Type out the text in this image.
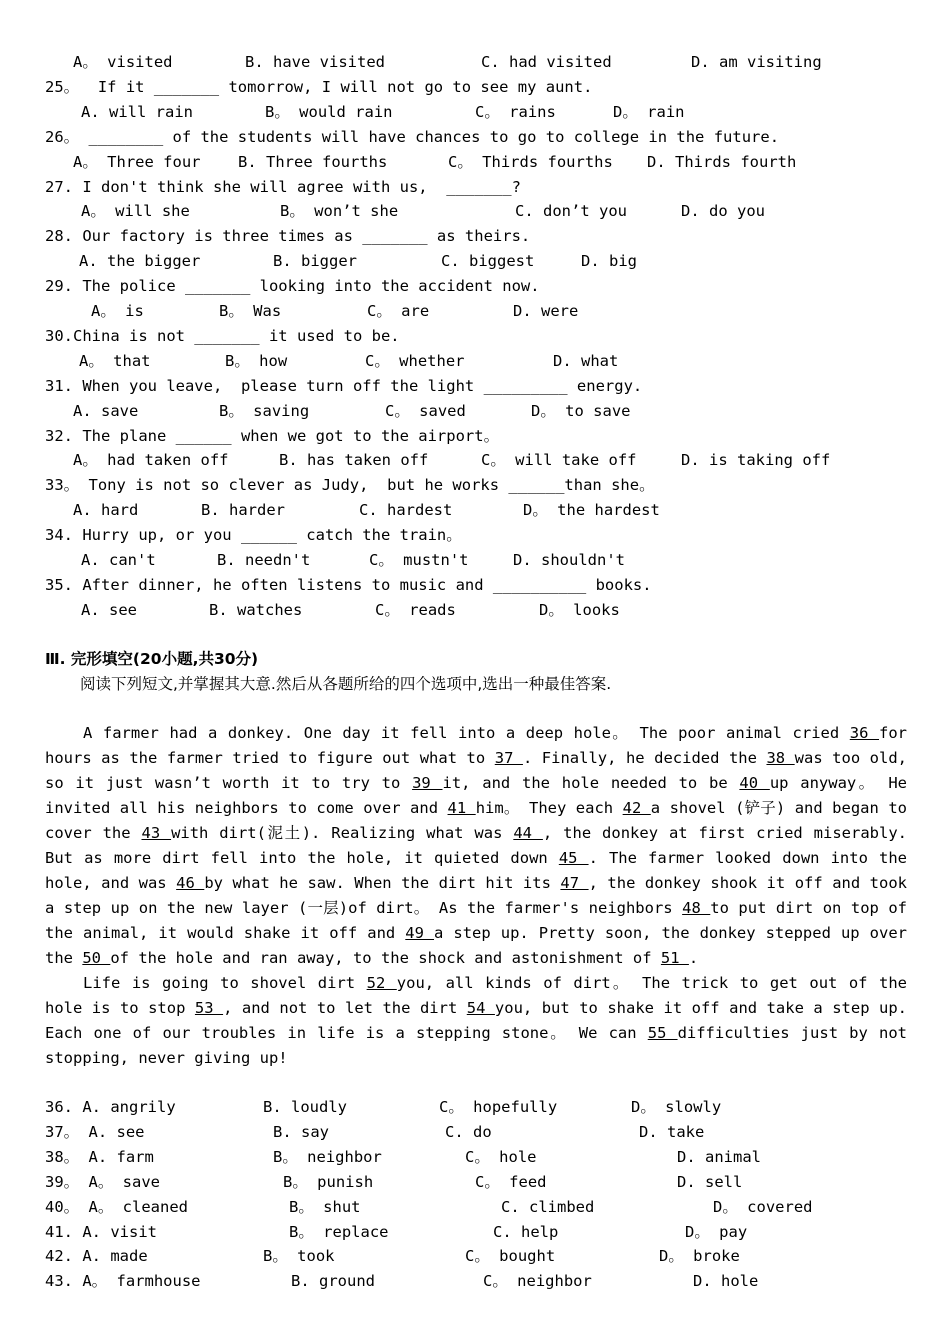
A。 visited	B. have visited	C. had visited	D. am visiting
25。  If it _______ tomorrow, I will not go to see my aunt.
A. will rain	B。 would rain	C。 rains	D。 rain
26。 ________ of the students will have chances to go to college in the future.
A。 Three four B. Three fourths	C。 Thirds fourths D. Thirds fourth
27. I don't think she will agree with us,  _______?
A。 will she	B。 won’t she	C. don’t you	D. do you
28. Our factory is three times as _______ as theirs.
A. the bigger	B. bigger	C. biggest	D. big
29. The police _______ looking into the accident now.
A。 is	B。 Was	C。 are	D. were
30.China is not _______ it used to be.
A。 that	B。 how	C。 whether	D. what
31. When you leave,  please turn off the light _________ energy.
A. save	B。 saving	C。 saved	D。 to save
32. The plane ______ when we got to the airport。
A。 had taken off	B. has taken off	C。 will take off	D. is taking off
33。 Tony is not so clever as Judy,  but he works ______than she。
A. hard	B. harder	C. hardest	D。 the hardest
34. Hurry up, or you ______ catch the train。
A. can't	B. needn't	C。 mustn't	D. shouldn't
35. After dinner, he often listens to music and __________ books.
A. see	B. watches	C。 reads	D。 looks
Ⅲ. 完形填空(20小题,共30分)
阅读下列短文,并掌握其大意.然后从各题所给的四个选项中,选出一种最佳答案.

A farmer had a donkey. One day it fell into a deep hole。 The poor animal cried 36 for hours as the farmer tried to figure out what to 37 . Finally, he decided the 38 was too old, so it just wasn’t worth it to try to 39 it, and the hole needed to be 40 up anyway。 He invited all his neighbors to come over and 41 him。 They each 42 a shovel (铲子) and began to cover the 43 with dirt(泥土). Realizing what was 44 , the donkey at first cried miserably. But as more dirt fell into the hole, it quieted down 45 . The farmer looked down into the hole, and was 46 by what he saw. When the dirt hit its 47 , the donkey shook it off and took a step up on the new layer (一层)of dirt。 As the farmer's neighbors 48 to put dirt on top of the animal, it would shake it off and 49 a step up. Pretty soon, the donkey stepped up over the 50 of the hole and ran away, to the shock and astonishment of 51 .

Life is going to shovel dirt 52 you, all kinds of dirt。 The trick to get out of the hole is to stop 53 , and not to let the dirt 54 you, but to shake it off and take a step up. Each one of our troubles in life is a stepping stone。 We can 55 difficulties just by not stopping, never giving up!

36. A. angrily	B. loudly	C。 hopefully	D。 slowly
37。 A. see	B. say	C. do	D. take
38。 A. farm	B。 neighbor	C。 hole	D. animal
39。 A。 save	B。 punish	C。 feed	D. sell
40。 A。 cleaned	B。 shut	C. climbed	D。 covered
41. A. visit	B。 replace	C. help	D。 pay
42. A. made	B。 took	C。 bought	D。 broke
43. A。 farmhouse	B. ground	C。 neighbor	D. hole
